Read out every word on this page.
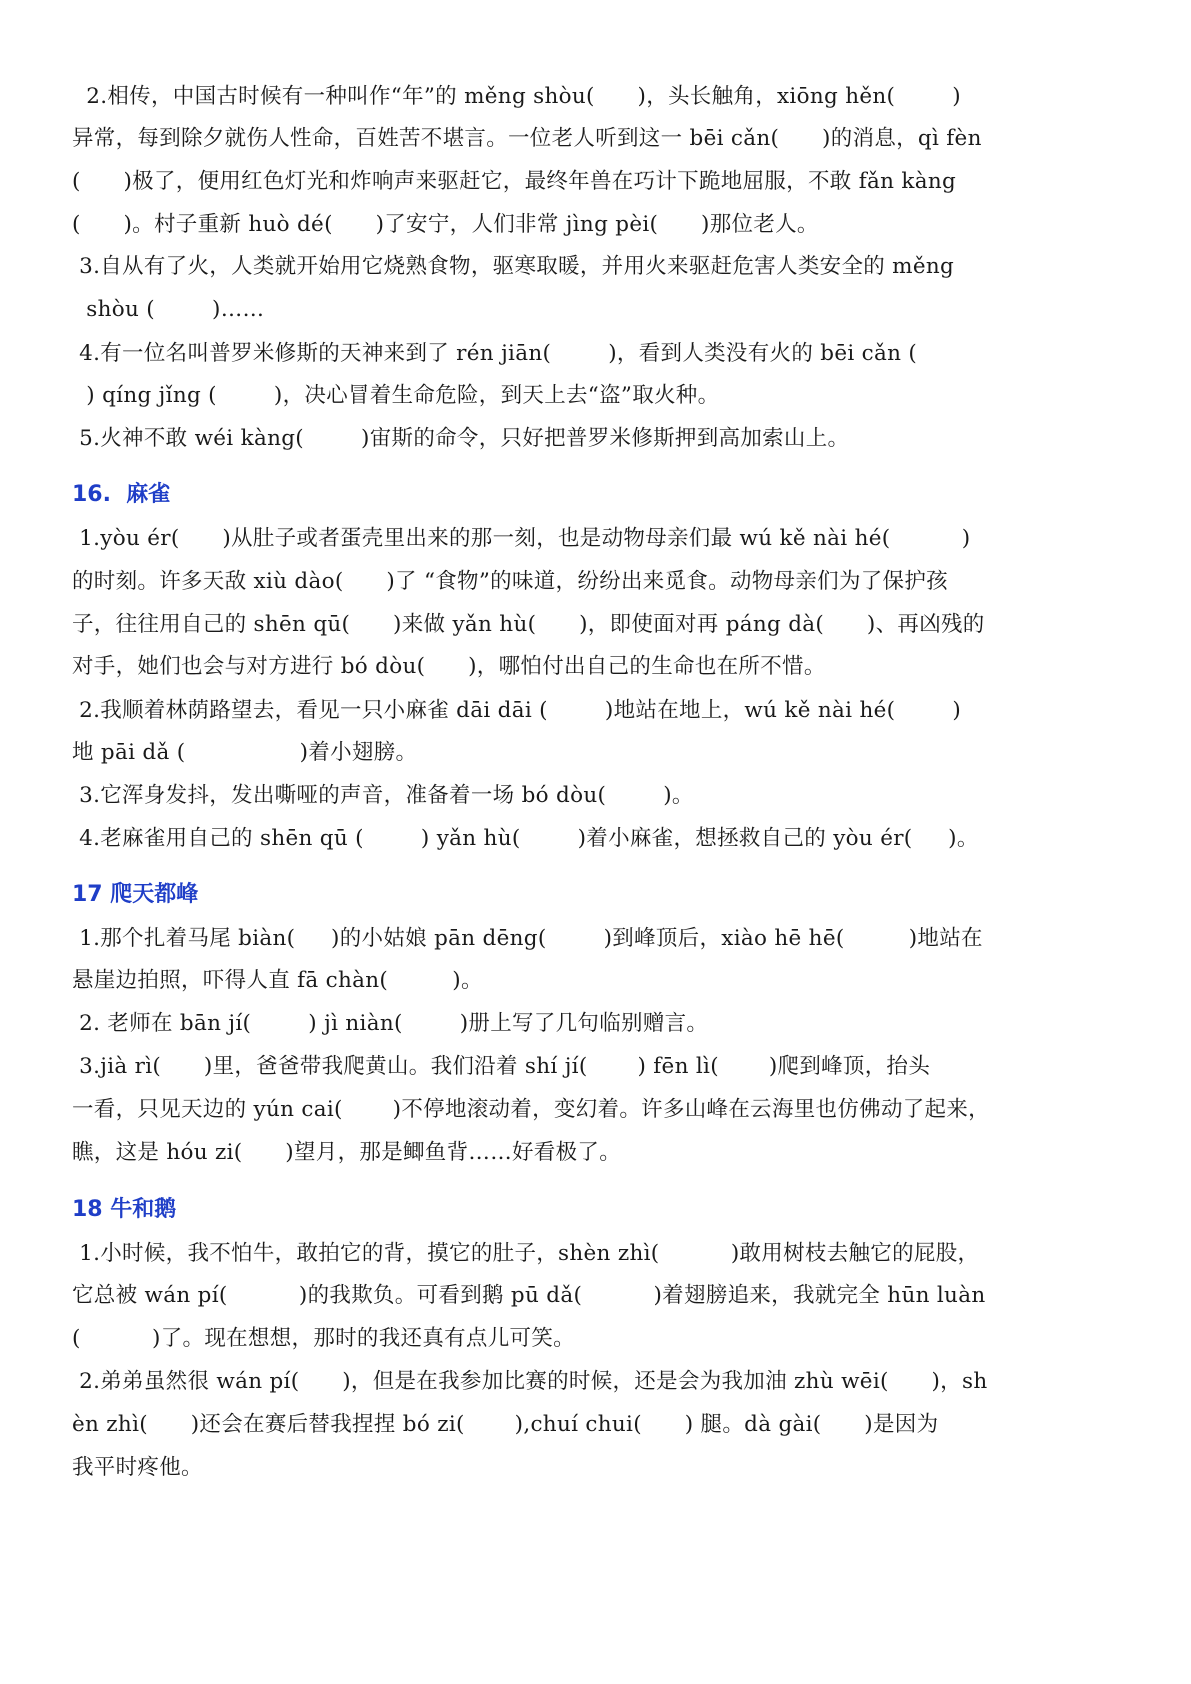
2.相传，中国古时候有一种叫作“年”的 měng shòu(      )，头长触角，xiōng hěn(        )
异常，每到除夕就伤人性命，百姓苦不堪言。一位老人听到这一 bēi cǎn(      )的消息，qì fèn
(      )极了，便用红色灯光和炸响声来驱赶它，最终年兽在巧计下跪地屈服，不敢 fǎn kàng
(      )。村子重新 huò dé(      )了安宁，人们非常 jìng pèi(      )那位老人。
3.自从有了火，人类就开始用它烧熟食物，驱寒取暖，并用火来驱赶危害人类安全的 měng
shòu (        )……
4.有一位名叫普罗米修斯的天神来到了 rén jiān(        )，看到人类没有火的 bēi cǎn (
) qíng jǐng (        )，决心冒着生命危险，到天上去“盗”取火种。
5.火神不敢 wéi kàng(        )宙斯的命令，只好把普罗米修斯押到高加索山上。
16.  麻雀
1.yòu ér(      )从肚子或者蛋壳里出来的那一刻，也是动物母亲们最 wú kě nài hé(          )
的时刻。许多天敌 xiù dào(      )了 “食物”的味道，纷纷出来觅食。动物母亲们为了保护孩
子，往往用自己的 shēn qū(      )来做 yǎn hù(      )，即使面对再 páng dà(      )、再凶残的
对手，她们也会与对方进行 bó dòu(      )，哪怕付出自己的生命也在所不惜。
2.我顺着林荫路望去，看见一只小麻雀 dāi dāi (        )地站在地上，wú kě nài hé(        )
地 pāi dǎ (                )着小翅膀。
3.它浑身发抖，发出嘶哑的声音，准备着一场 bó dòu(        )。
4.老麻雀用自己的 shēn qū (        ) yǎn hù(        )着小麻雀，想拯救自己的 yòu ér(     )。
17 爬天都峰
1.那个扎着马尾 biàn(     )的小姑娘 pān dēng(        )到峰顶后，xiào hē hē(         )地站在
悬崖边拍照，吓得人直 fā chàn(         )。
2. 老师在 bān jí(        ) jì niàn(        )册上写了几句临别赠言。
3.jià rì(      )里，爸爸带我爬黄山。我们沿着 shí jí(       ) fēn lì(       )爬到峰顶，抬头
一看，只见天边的 yún cai(       )不停地滚动着，变幻着。许多山峰在云海里也仿佛动了起来，
瞧，这是 hóu zi(      )望月，那是鲫鱼背……好看极了。
18 牛和鹅
1.小时候，我不怕牛，敢拍它的背，摸它的肚子，shèn zhì(          )敢用树枝去触它的屁股，
它总被 wán pí(          )的我欺负。可看到鹅 pū dǎ(          )着翅膀追来，我就完全 hūn luàn
(          )了。现在想想，那时的我还真有点儿可笑。
2.弟弟虽然很 wán pí(      )，但是在我参加比赛的时候，还是会为我加油 zhù wēi(      )，sh
èn zhì(      )还会在赛后替我捏捏 bó zi(       ),chuí chui(      ) 腿。dà gài(      )是因为
我平时疼他。
